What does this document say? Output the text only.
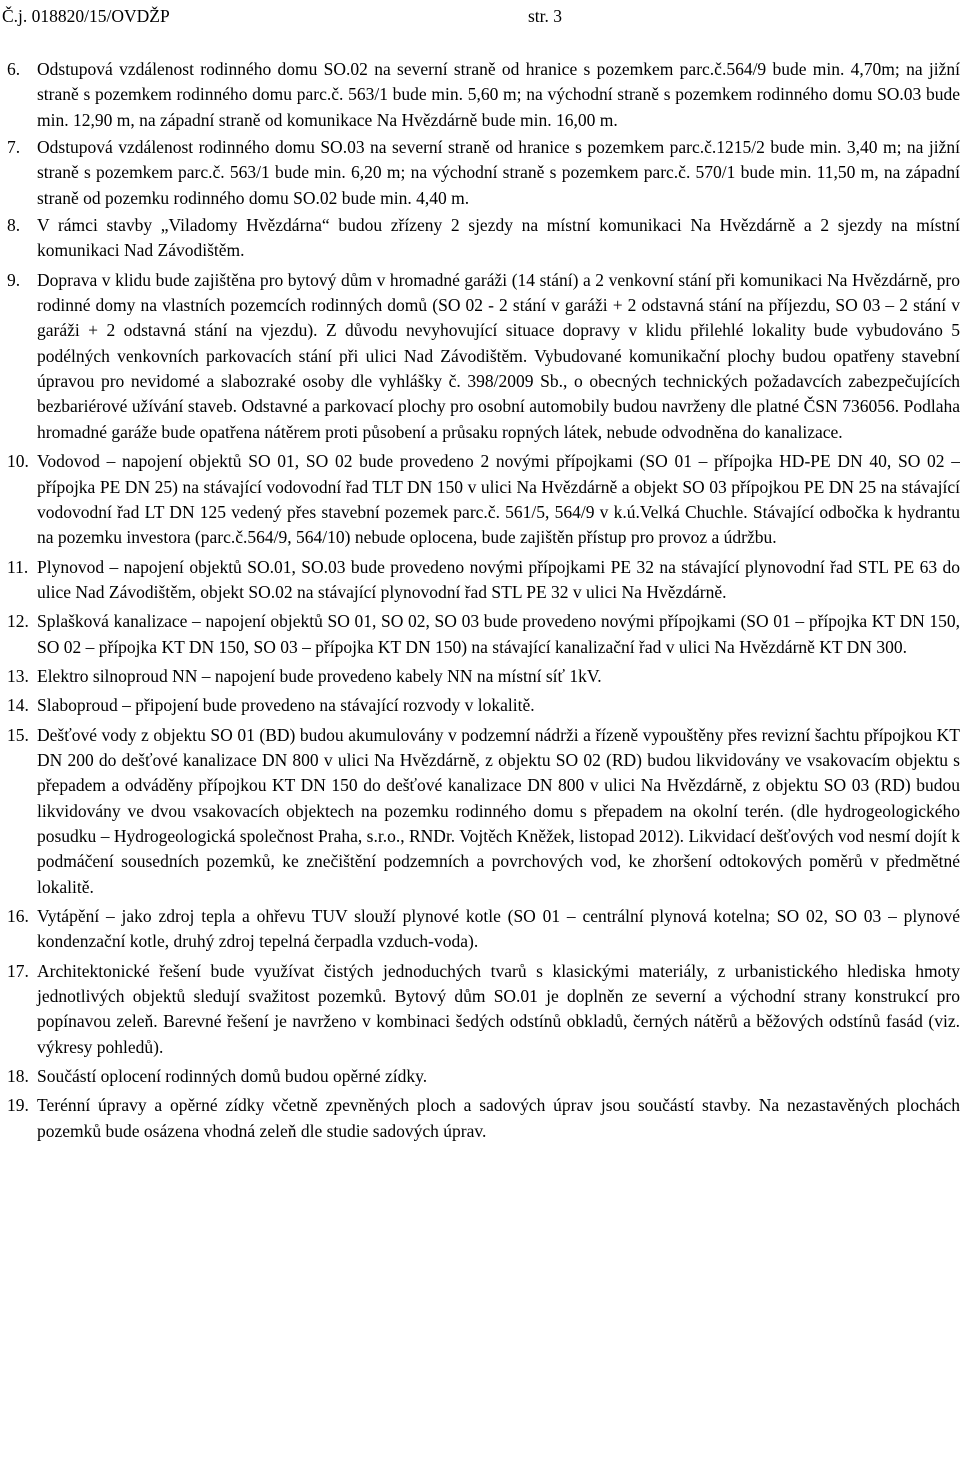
Č.j. 018820/15/OVDŽP	str. 3
6. Odstupová vzdálenost rodinného domu SO.02 na severní straně od hranice s pozemkem parc.č.564/9 bude min. 4,70m; na jižní straně s pozemkem rodinného domu parc.č. 563/1 bude min. 5,60 m; na východní straně s pozemkem rodinného domu SO.03 bude min. 12,90 m, na západní straně od komunikace Na Hvězdárně bude min. 16,00 m.
7. Odstupová vzdálenost rodinného domu SO.03 na severní straně od hranice s pozemkem parc.č.1215/2 bude min. 3,40 m; na jižní straně s pozemkem parc.č. 563/1 bude min. 6,20 m; na východní straně s pozemkem parc.č. 570/1 bude min. 11,50 m, na západní straně od pozemku rodinného domu SO.02 bude min. 4,40 m.
8. V rámci stavby „Viladomy Hvězdárna“ budou zřízeny 2 sjezdy na místní komunikaci Na Hvězdárně a 2 sjezdy na místní komunikaci Nad Závodištěm.
9. Doprava v klidu bude zajištěna pro bytový dům v hromadné garáži (14 stání) a 2 venkovní stání při komunikaci Na Hvězdárně, pro rodinné domy na vlastních pozemcích rodinných domů (SO 02 - 2 stání v garáži + 2 odstavná stání na příjezdu, SO 03 – 2 stání v garáži + 2 odstavná stání na vjezdu). Z důvodu nevyhovující situace dopravy v klidu přilehlé lokality bude vybudováno 5 podélných venkovních parkovacích stání při ulici Nad Závodištěm. Vybudované komunikační plochy budou opatřeny stavební úpravou pro nevidomé a slabozraké osoby dle vyhlášky č. 398/2009 Sb., o obecných technických požadavcích zabezpečujících bezbariérové užívání staveb. Odstavné a parkovací plochy pro osobní automobily budou navrženy dle platné ČSN 736056. Podlaha hromadné garáže bude opatřena nátěrem proti působení a průsaku ropných látek, nebude odvodněna do kanalizace.
10. Vodovod – napojení objektů SO 01, SO 02 bude provedeno 2 novými přípojkami (SO 01 – přípojka HD-PE DN 40, SO 02 – přípojka PE DN 25) na stávající vodovodní řad TLT DN 150 v ulici Na Hvězdárně a objekt SO 03 přípojkou PE DN 25 na stávající vodovodní řad LT DN 125 vedený přes stavební pozemek parc.č. 561/5, 564/9 v k.ú.Velká Chuchle. Stávající odbočka k hydrantu na pozemku investora (parc.č.564/9, 564/10) nebude oplocena, bude zajištěn přístup pro provoz a údržbu.
11. Plynovod – napojení objektů SO.01, SO.03 bude provedeno novými přípojkami PE 32 na stávající plynovodní řad STL PE 63 do ulice Nad Závodištěm, objekt SO.02 na stávající plynovodní řad STL PE 32 v ulici Na Hvězdárně.
12. Splašková kanalizace – napojení objektů SO 01, SO 02, SO 03 bude provedeno novými přípojkami (SO 01 – přípojka KT DN 150, SO 02 – přípojka KT DN 150, SO 03 – přípojka KT DN 150) na stávající kanalizační řad v ulici Na Hvězdárně KT DN 300.
13. Elektro silnoproud NN – napojení bude provedeno kabely NN na místní síť 1kV.
14. Slaboproud – připojení bude provedeno na stávající rozvody v lokalitě.
15. Dešťové vody z objektu SO 01 (BD) budou akumulovány v podzemní nádrži a řízeně vypouštěny přes revizní šachtu přípojkou KT DN 200 do dešťové kanalizace DN 800 v ulici Na Hvězdárně, z objektu SO 02 (RD) budou likvidovány ve vsakovacím objektu s přepadem a odváděny přípojkou KT DN 150 do dešťové kanalizace DN 800 v ulici Na Hvězdárně, z objektu SO 03 (RD) budou likvidovány ve dvou vsakovacích objektech na pozemku rodinného domu s přepadem na okolní terén. (dle hydrogeologického posudku – Hydrogeologická společnost Praha, s.r.o., RNDr. Vojtěch Kněžek, listopad 2012). Likvidací dešťových vod nesmí dojít k podmáčení sousedních pozemků, ke znečištění podzemních a povrchových vod, ke zhoršení odtokových poměrů v předmětné lokalitě.
16. Vytápění – jako zdroj tepla a ohřevu TUV slouží plynové kotle (SO 01 – centrální plynová kotelna; SO 02, SO 03 – plynové kondenzační kotle, druhý zdroj tepelná čerpadla vzduch-voda).
17. Architektonické řešení bude využívat čistých jednoduchých tvarů s klasickými materiály, z urbanistického hlediska hmoty jednotlivých objektů sledují svažitost pozemků. Bytový dům SO.01 je doplněn ze severní a východní strany konstrukcí pro popínavou zeleň. Barevné řešení je navrženo v kombinaci šedých odstínů obkladů, černých nátěrů a běžových odstínů fasád (viz. výkresy pohledů).
18. Součástí oplocení rodinných domů budou opěrné zídky.
19. Terénní úpravy a opěrné zídky včetně zpevněných ploch a sadových úprav jsou součástí stavby. Na nezastavěných plochách pozemků bude osázena vhodná zeleň dle studie sadových úprav.
